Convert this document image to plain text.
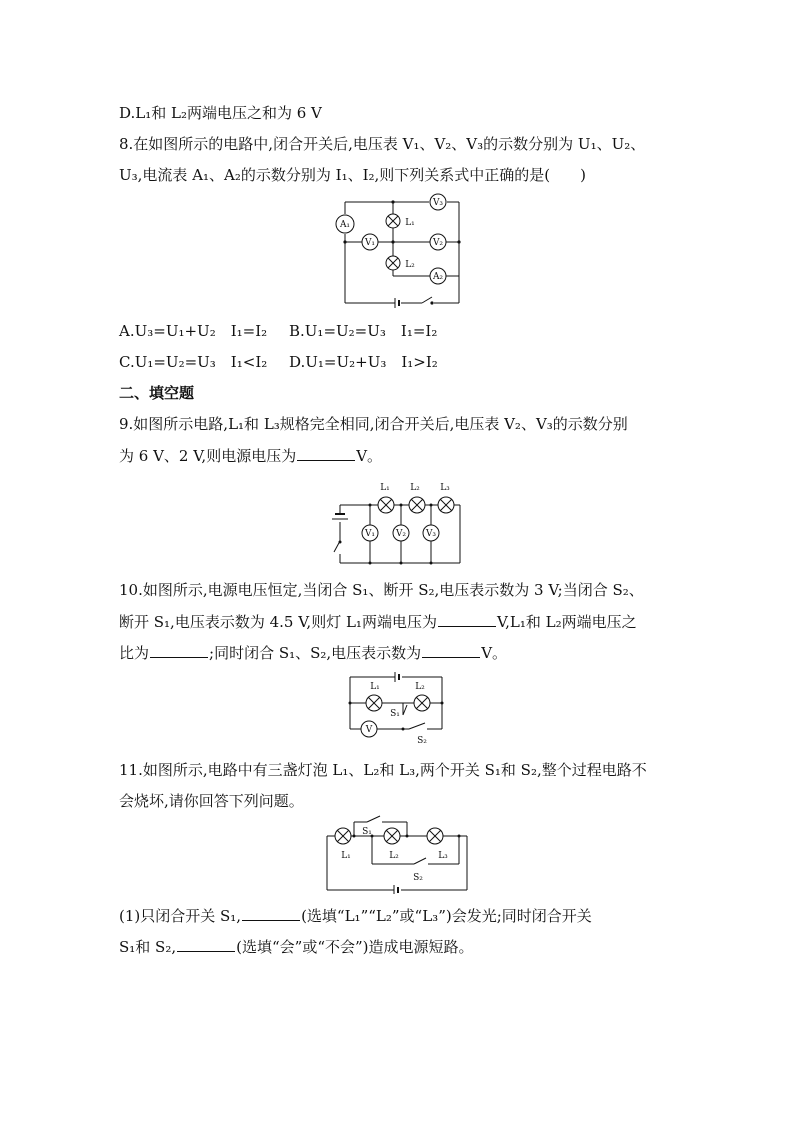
D.L₁和 L₂两端电压之和为 6 V
8.在如图所示的电路中,闭合开关后,电压表 V₁、V₂、V₃的示数分别为 U₁、U₂、
U₃,电流表 A₁、A₂的示数分别为 I₁、I₂,则下列关系式中正确的是(　　)
A₁
V₃
V₁	V₂
A₂
L₁
L₂
A.U₃=U₁+U₂　I₁=I₂ B.U₁=U₂=U₃　I₁=I₂
C.U₁=U₂=U₃　I₁<I₂ D.U₁=U₂+U₃　I₁>I₂
二、填空题
9.如图所示电路,L₁和 L₃规格完全相同,闭合开关后,电压表 V₂、V₃的示数分别
为 6 V、2 V,则电源电压为	V。
L₁ L₂ L₃
V₁ V₂ V₃
10.如图所示,电源电压恒定,当闭合 S₁、断开 S₂,电压表示数为 3 V;当闭合 S₂、
断开 S₁,电压表示数为 4.5 V,则灯 L₁两端电压为	V,L₁和 L₂两端电压之
比为	;同时闭合 S₁、S₂,电压表示数为	V。
L₁	L₂
S₁
S₂
V
11.如图所示,电路中有三盏灯泡 L₁、L₂和 L₃,两个开关 S₁和 S₂,整个过程电路不
会烧坏,请你回答下列问题。
S₁
L₁	L₂	L₃
S₂
(1)只闭合开关 S₁,	(选填“L₁”“L₂”或“L₃”)会发光;同时闭合开关
S₁和 S₂,	(选填“会”或“不会”)造成电源短路。
